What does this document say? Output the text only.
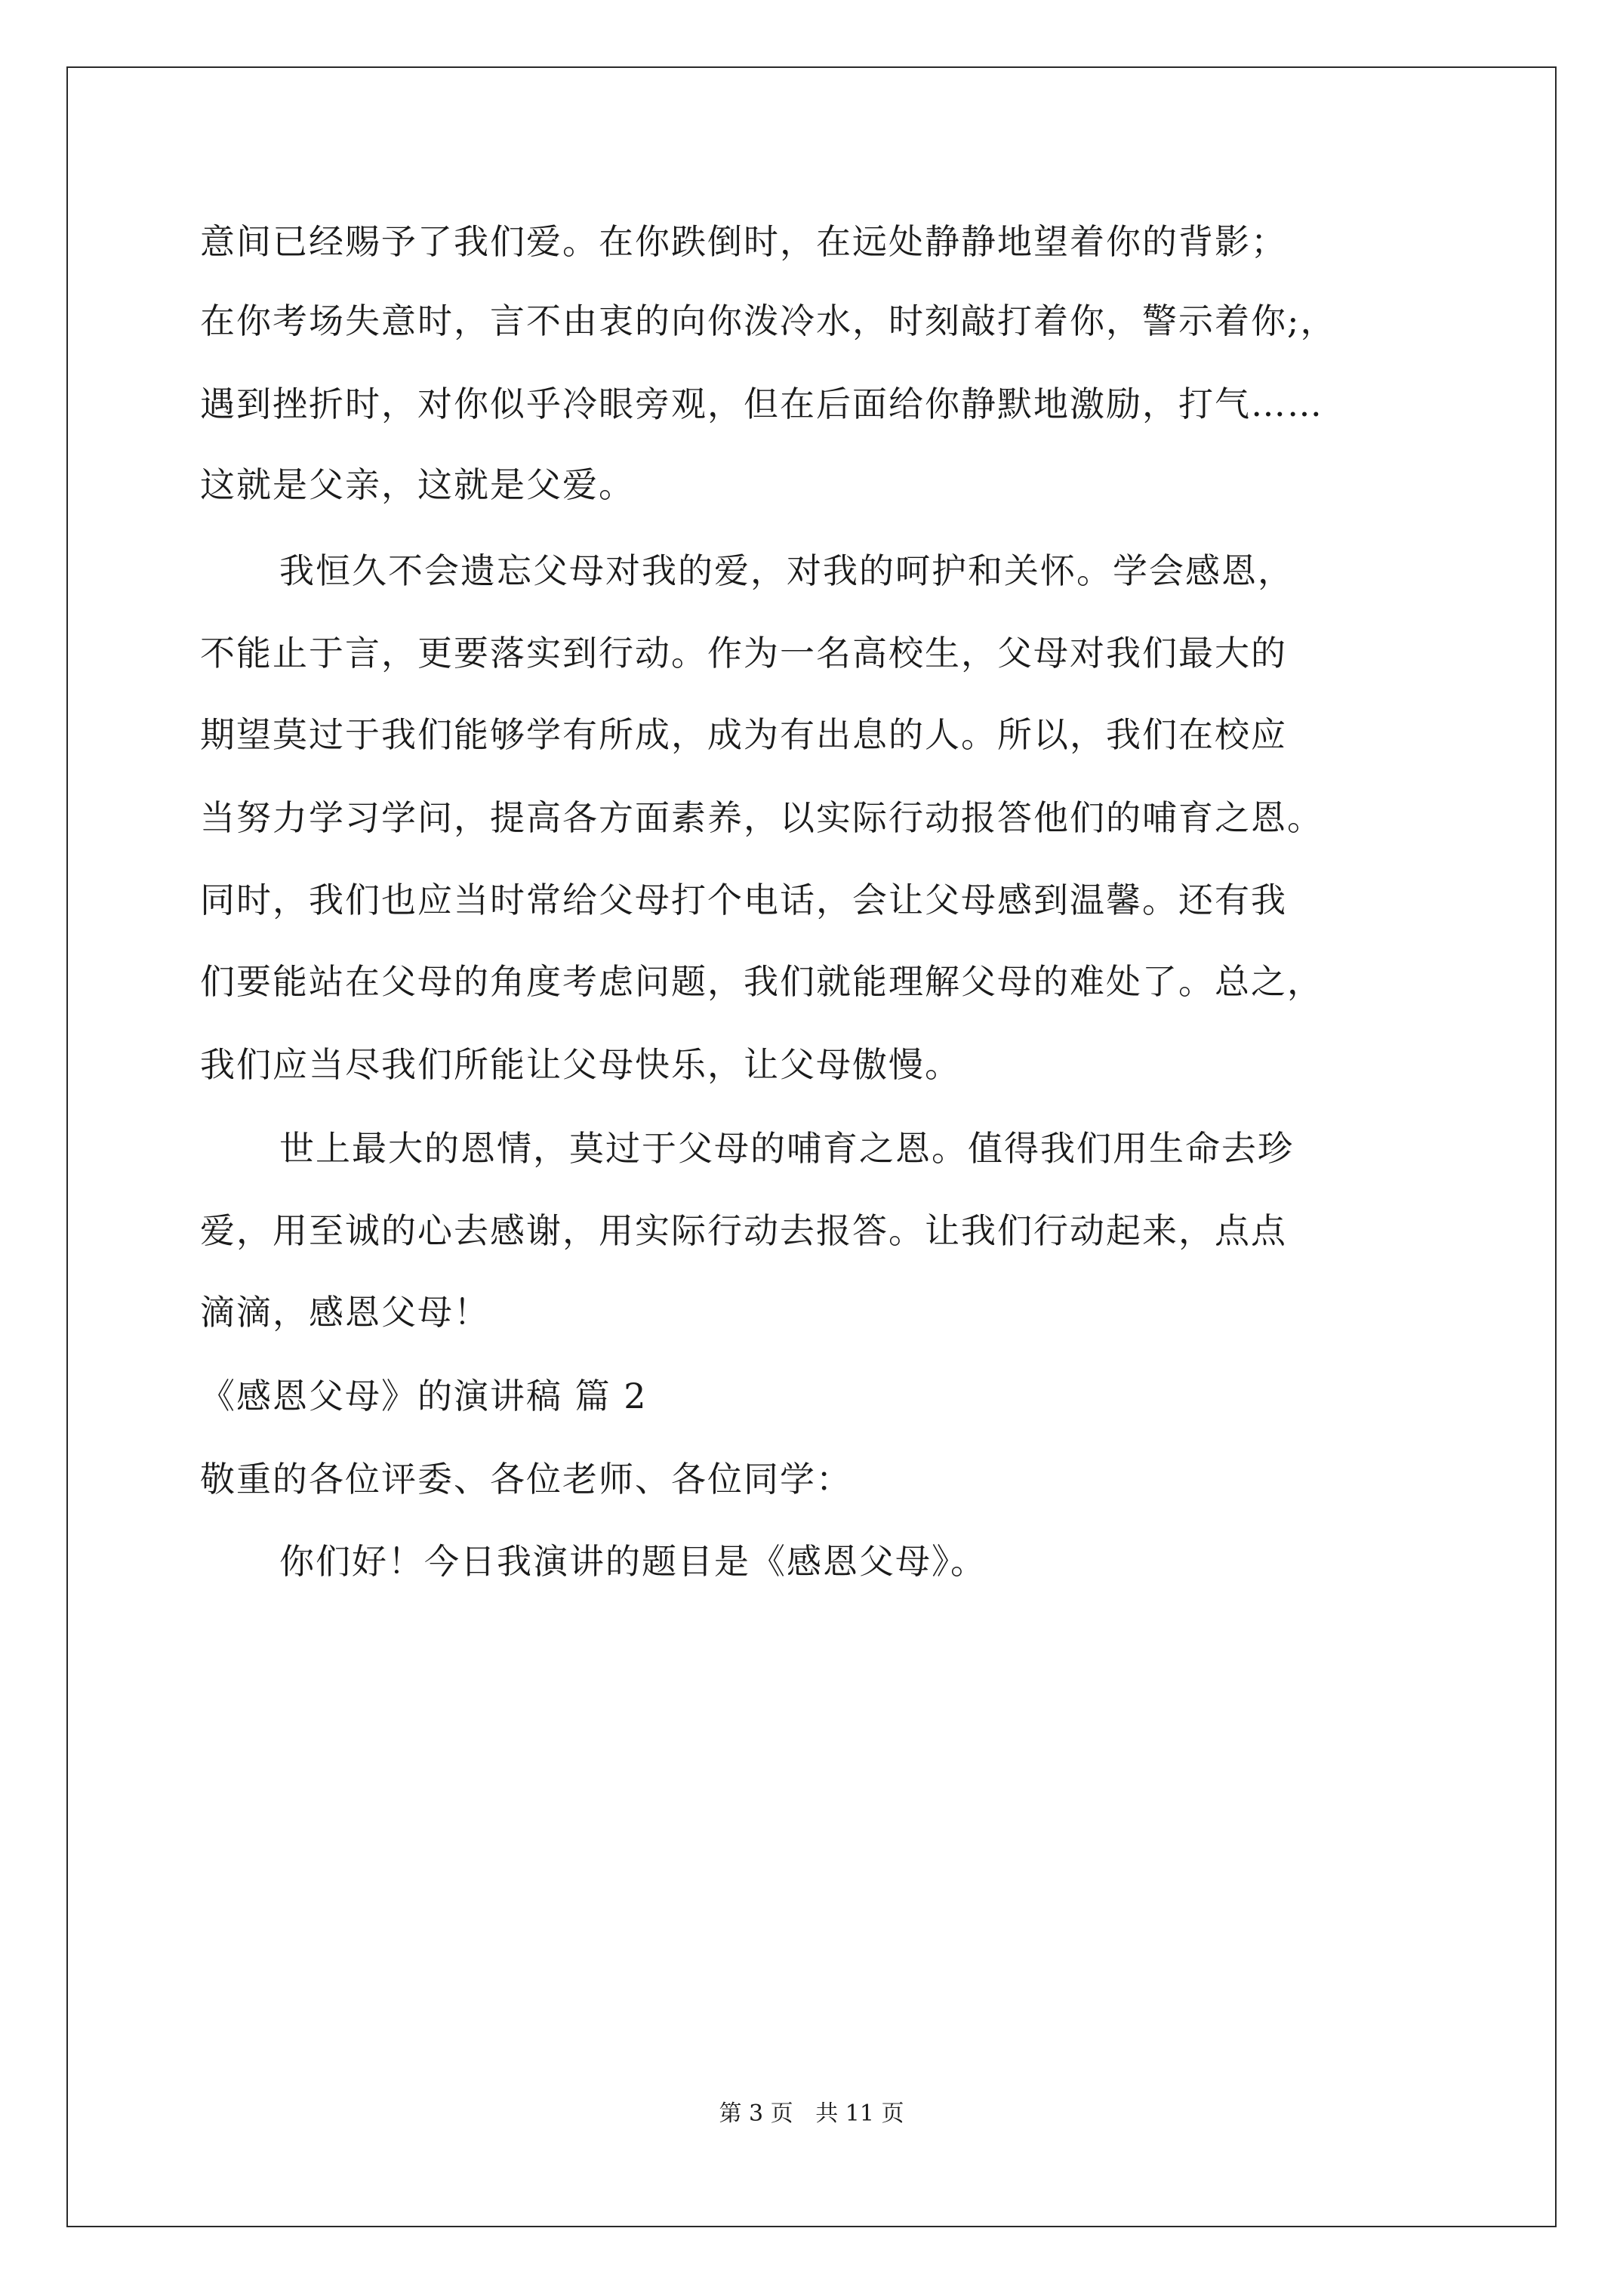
意间已经赐予了我们爱。在你跌倒时，在远处静静地望着你的背影；
在你考场失意时，言不由衷的向你泼冷水，时刻敲打着你，警示着你;，
遇到挫折时，对你似乎冷眼旁观，但在后面给你静默地激励，打气……
这就是父亲，这就是父爱。
我恒久不会遗忘父母对我的爱，对我的呵护和关怀。学会感恩，
不能止于言，更要落实到行动。作为一名高校生，父母对我们最大的
期望莫过于我们能够学有所成，成为有出息的人。所以，我们在校应
当努力学习学问，提高各方面素养，以实际行动报答他们的哺育之恩。
同时，我们也应当时常给父母打个电话，会让父母感到温馨。还有我
们要能站在父母的角度考虑问题，我们就能理解父母的难处了。总之，
我们应当尽我们所能让父母快乐，让父母傲慢。
世上最大的恩情，莫过于父母的哺育之恩。值得我们用生命去珍
爱，用至诚的心去感谢，用实际行动去报答。让我们行动起来，点点
滴滴，感恩父母！
《感恩父母》的演讲稿 篇 2
敬重的各位评委、各位老师、各位同学：
你们好！今日我演讲的题目是《感恩父母》。
第 3 页 共 11 页
